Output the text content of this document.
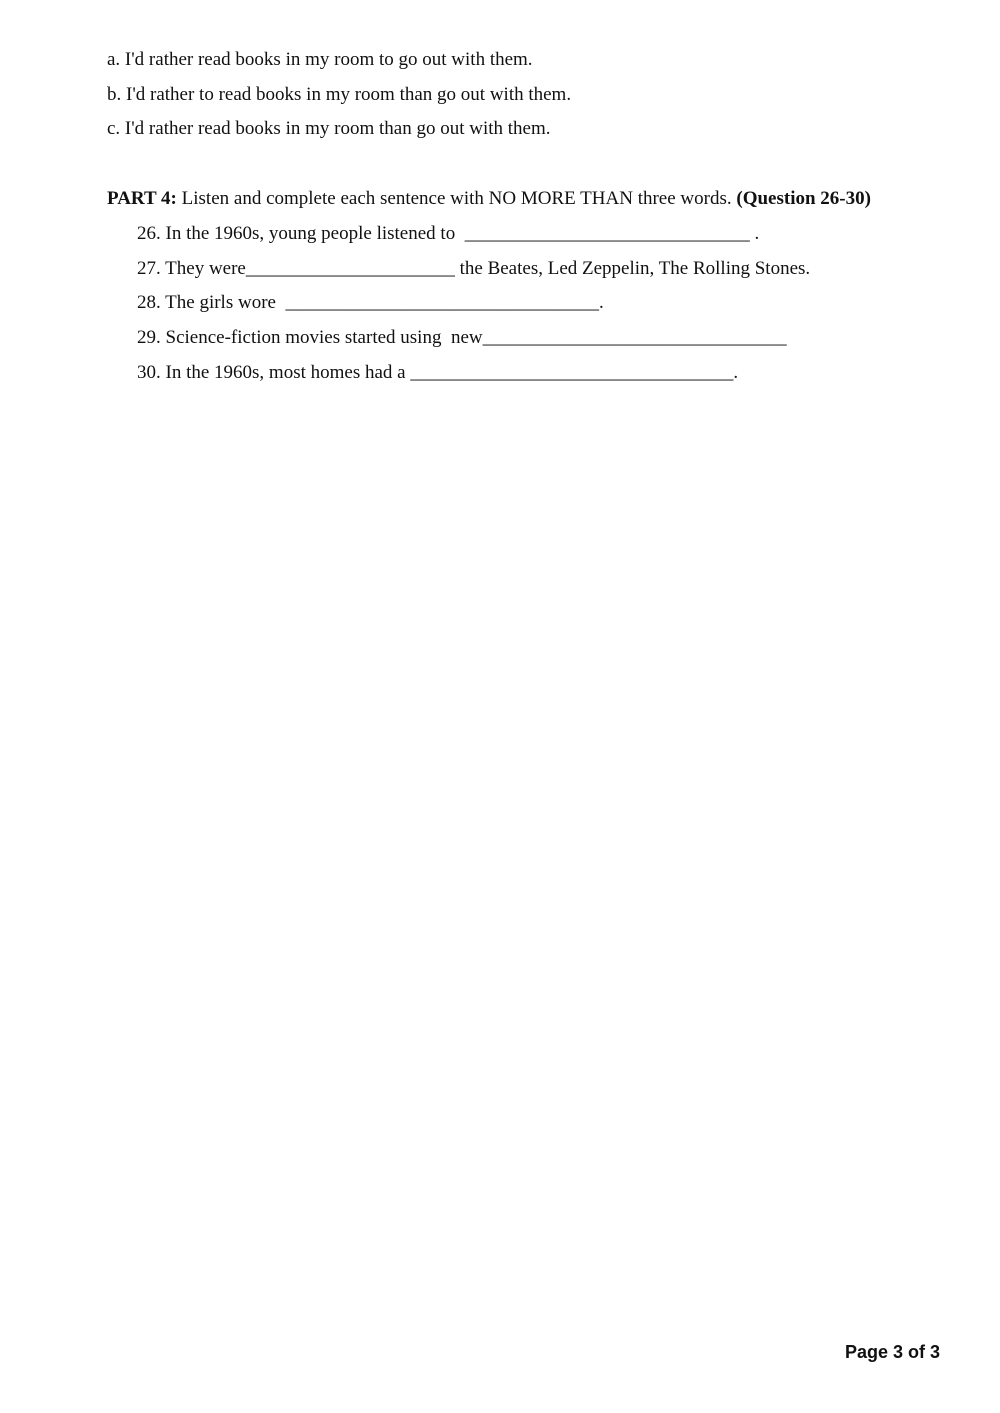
a. I'd rather read books in my room to go out with them.
b. I'd rather to read books in my room than go out with them.
c. I'd rather read books in my room than go out with them.
PART 4: Listen and complete each sentence with NO MORE THAN three words. (Question 26-30)
26. In the 1960s, young people listened to  ______________________________ .
27. They were______________________ the Beates, Led Zeppelin, The Rolling Stones.
28. The girls wore  _________________________________.
29. Science-fiction movies started using  new________________________________
30. In the 1960s, most homes had a __________________________________.
Page 3 of 3
